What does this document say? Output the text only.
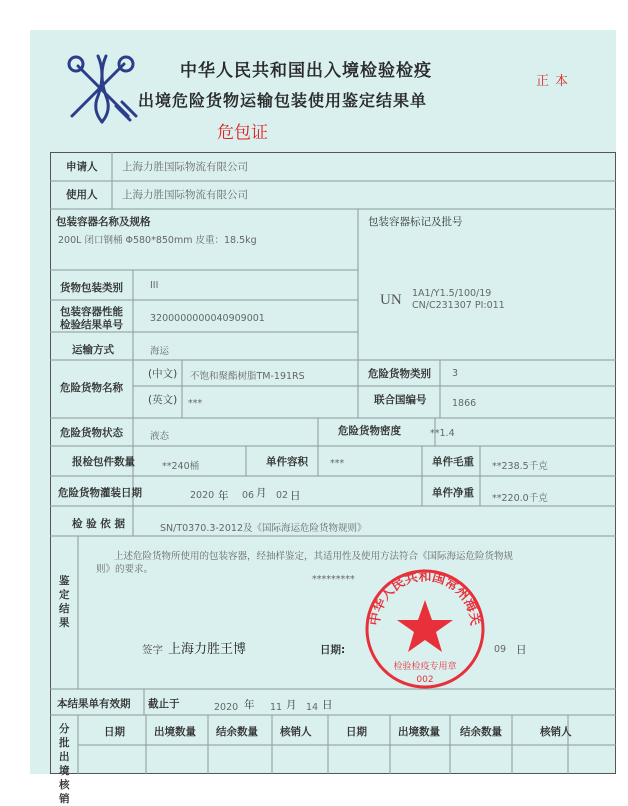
中华人民共和国出入境检验检疫
出境危险货物运输包装使用鉴定结果单
正本
危包证
申请人 上海力胜国际物流有限公司
使用人 上海力胜国际物流有限公司
包装容器名称及规格
200L 闭口钢桶 Φ580*850mm 皮重：18.5kg
包装容器标记及批号
UN 1A1/Y1.5/100/19
CN/C231307 PI:011
货物包装类别	III
包装容器性能
检验结果单号
3200000000040909001
运输方式	海运
危险货物名称
(中文) 不饱和聚酯树脂TM-191RS
(英文) ***
危险货物类别 3
联合国编号	1866
危险货物状态	液态	危险货物密度	**1.4
报检包件数量	**240桶	单件容积 ***	单件毛重 **238.5千克
危险货物灌装日期	2020 年 06 月 02 日	单件净重 **220.0千克
检 验 依 据	SN/T0370.3-2012及《国际海运危险货物规则》
鉴
定
结
果
上述危险货物所使用的包装容器，经抽样鉴定，其适用性及使用方法符合《国际海运危险货物规
则》的要求。
*********
签字 上海力胜王博	日期:	09 日
中华人民共和国常州海关
检验检疫专用章
002
本结果单有效期 截止于	2020 年 11 月 14 日
分
批
出
境
核
销
日期	出境数量 结余数量 核销人	日期	出境数量 结余数量	核销人
